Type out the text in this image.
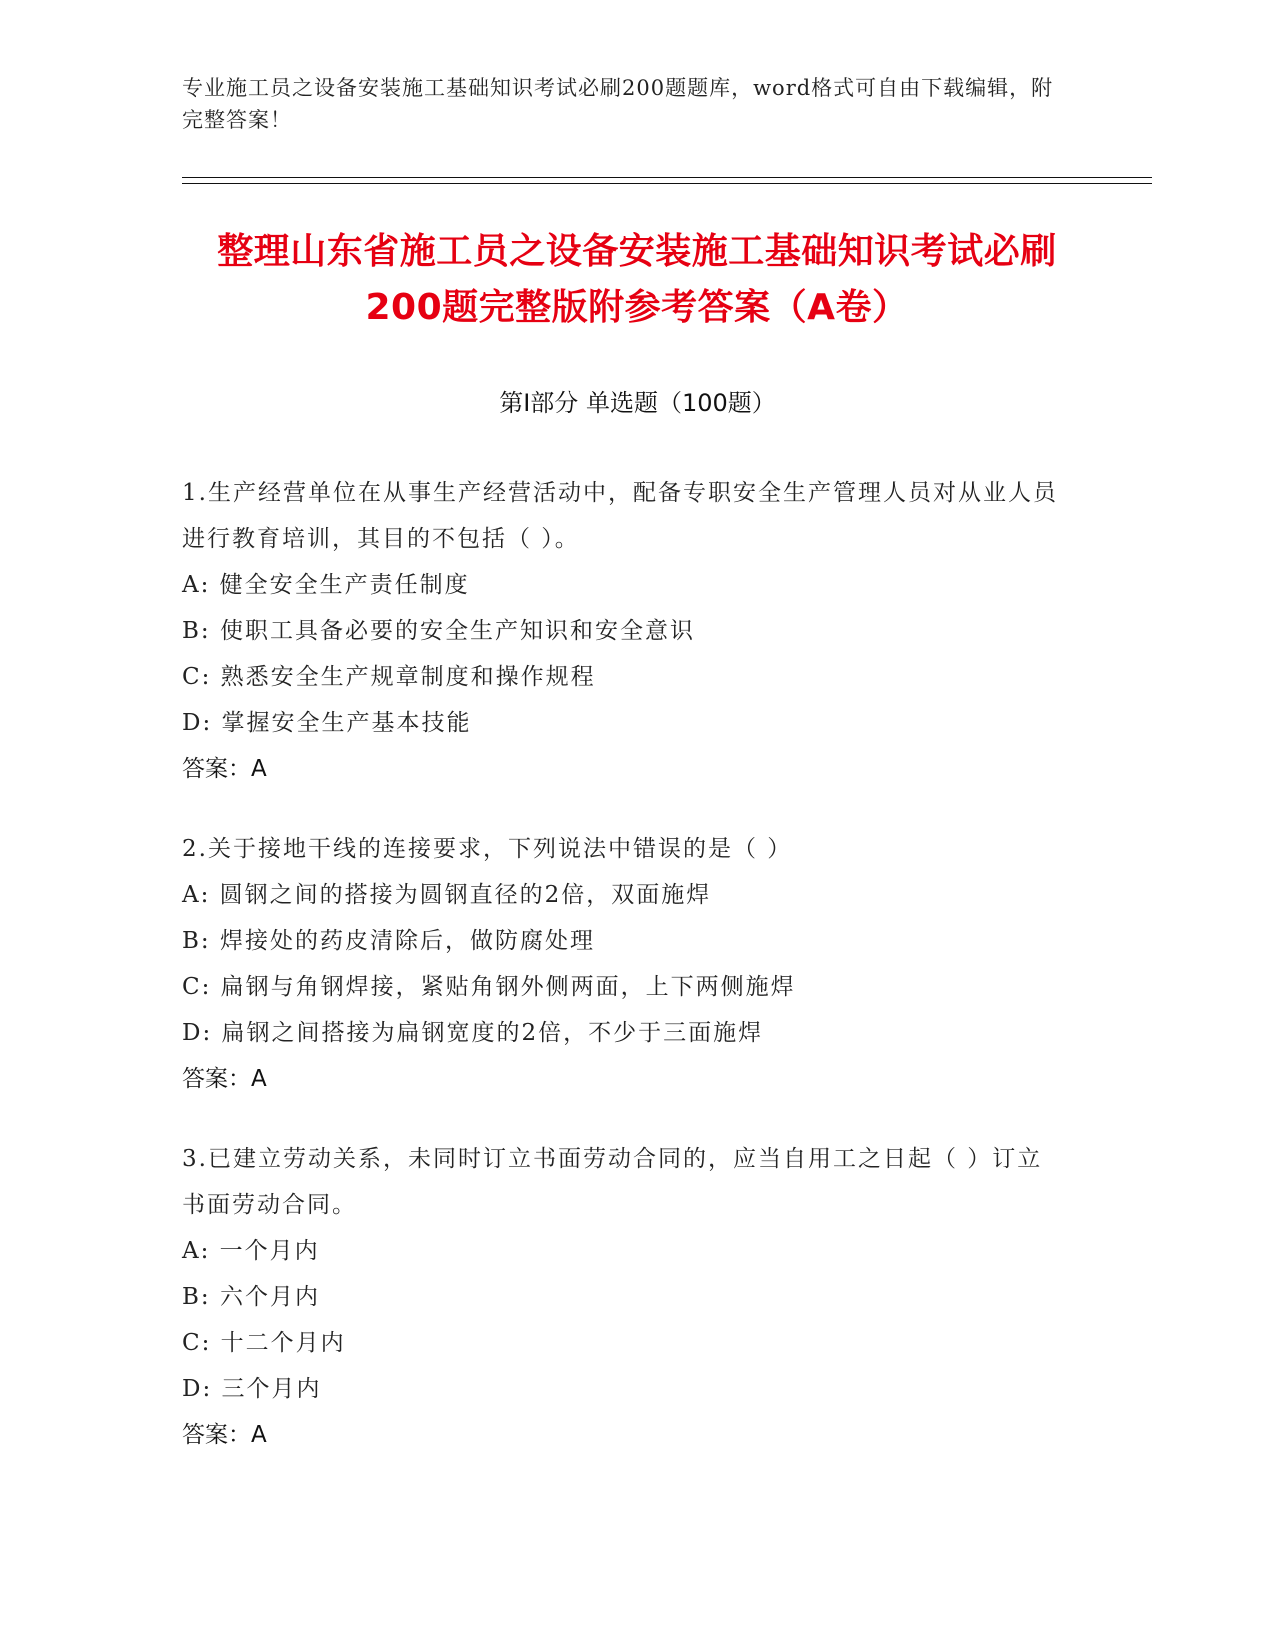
专业施工员之设备安装施工基础知识考试必刷200题题库，word格式可自由下载编辑，附完整答案！
整理山东省施工员之设备安装施工基础知识考试必刷200题完整版附参考答案（A卷）
第Ⅰ部分 单选题（100题）

1.生产经营单位在从事生产经营活动中，配备专职安全生产管理人员对从业人员进行教育培训，其目的不包括（ ）。

A: 健全安全生产责任制度

B: 使职工具备必要的安全生产知识和安全意识

C: 熟悉安全生产规章制度和操作规程

D: 掌握安全生产基本技能

答案：A

2.关于接地干线的连接要求，下列说法中错误的是（ ）

A: 圆钢之间的搭接为圆钢直径的2倍，双面施焊

B: 焊接处的药皮清除后，做防腐处理

C: 扁钢与角钢焊接，紧贴角钢外侧两面，上下两侧施焊

D: 扁钢之间搭接为扁钢宽度的2倍，不少于三面施焊

答案：A

3.已建立劳动关系，未同时订立书面劳动合同的，应当自用工之日起（ ）订立书面劳动合同。

A: 一个月内

B: 六个月内

C: 十二个月内

D: 三个月内

答案：A
